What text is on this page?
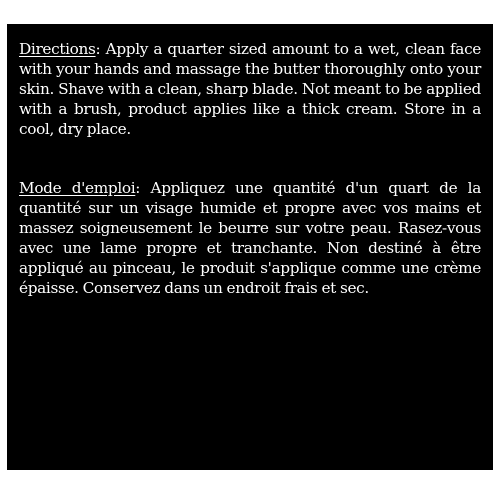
Directions: Apply a quarter sized amount to a wet, clean face with your hands and massage the butter thoroughly onto your skin. Shave with a clean, sharp blade. Not meant to be applied with a brush, product applies like a thick cream. Store in a cool, dry place.

Mode d'emploi: Appliquez une quantité d'un quart de la quantité sur un visage humide et propre avec vos mains et massez soigneusement le beurre sur votre peau. Rasez-vous avec une lame propre et tranchante. Non destiné à être appliqué au pinceau, le produit s'applique comme une crème épaisse. Conservez dans un endroit frais et sec.
